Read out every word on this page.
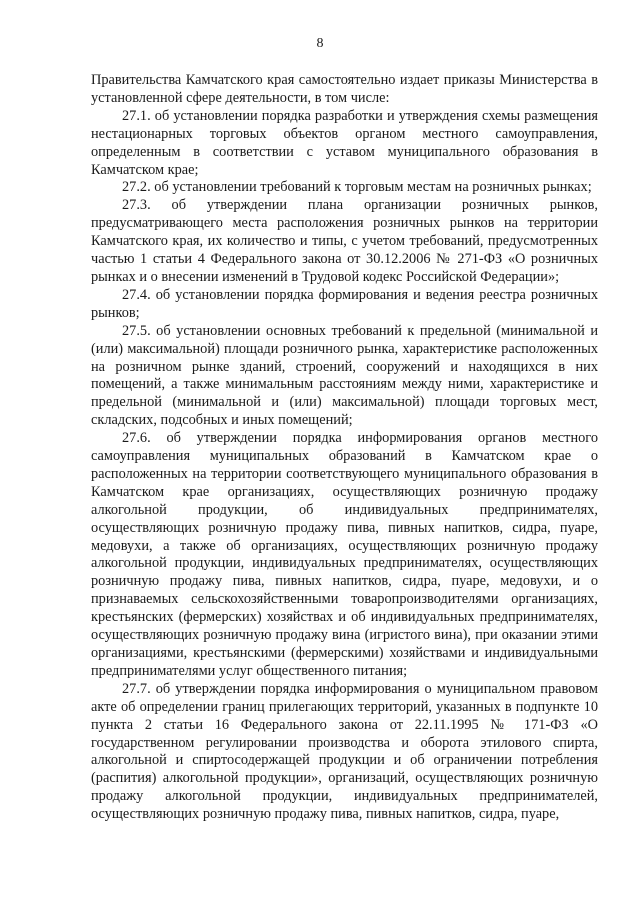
8

Правительства Камчатского края самостоятельно издает приказы Министерства в установленной сфере деятельности, в том числе:

27.1. об установлении порядка разработки и утверждения схемы размещения нестационарных торговых объектов органом местного самоуправления, определенным в соответствии с уставом муниципального образования в Камчатском крае;

27.2. об установлении требований к торговым местам на розничных рынках;

27.3. об утверждении плана организации розничных рынков, предусматривающего места расположения розничных рынков на территории Камчатского края, их количество и типы, с учетом требований, предусмотренных частью 1 статьи 4 Федерального закона от 30.12.2006 № 271-ФЗ «О розничных рынках и о внесении изменений в Трудовой кодекс Российской Федерации»;

27.4. об установлении порядка формирования и ведения реестра розничных рынков;

27.5. об установлении основных требований к предельной (минимальной и (или) максимальной) площади розничного рынка, характеристике расположенных на розничном рынке зданий, строений, сооружений и находящихся в них помещений, а также минимальным расстояниям между ними, характеристике и предельной (минимальной и (или) максимальной) площади торговых мест, складских, подсобных и иных помещений;

27.6. об утверждении порядка информирования органов местного самоуправления муниципальных образований в Камчатском крае о расположенных на территории соответствующего муниципального образования в Камчатском крае организациях, осуществляющих розничную продажу алкогольной продукции, об индивидуальных предпринимателях, осуществляющих розничную продажу пива, пивных напитков, сидра, пуаре, медовухи, а также об организациях, осуществляющих розничную продажу алкогольной продукции, индивидуальных предпринимателях, осуществляющих розничную продажу пива, пивных напитков, сидра, пуаре, медовухи, и о признаваемых сельскохозяйственными товаропроизводителями организациях, крестьянских (фермерских) хозяйствах и об индивидуальных предпринимателях, осуществляющих розничную продажу вина (игристого вина), при оказании этими организациями, крестьянскими (фермерскими) хозяйствами и индивидуальными предпринимателями услуг общественного питания;

27.7. об утверждении порядка информирования о муниципальном правовом акте об определении границ прилегающих территорий, указанных в подпункте 10 пункта 2 статьи 16 Федерального закона от 22.11.1995 № 171-ФЗ «О государственном регулировании производства и оборота этилового спирта, алкогольной и спиртосодержащей продукции и об ограничении потребления (распития) алкогольной продукции», организаций, осуществляющих розничную продажу алкогольной продукции, индивидуальных предпринимателей, осуществляющих розничную продажу пива, пивных напитков, сидра, пуаре,
